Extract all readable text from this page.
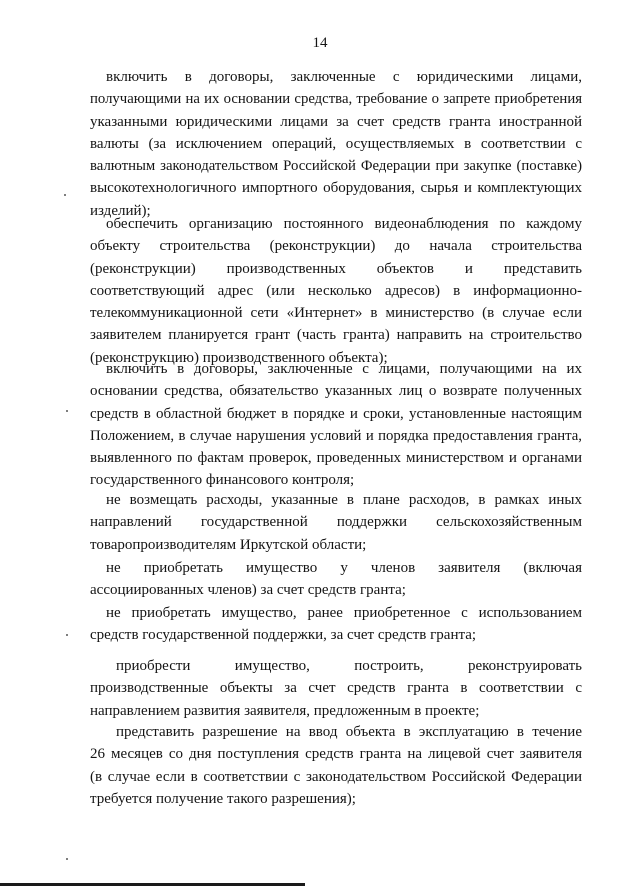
14
включить в договоры, заключенные с юридическими лицами,
получающими на их основании средства, требование о запрете приобретения
указанными юридическими лицами за счет средств гранта иностранной
валюты (за исключением операций, осуществляемых в соответствии с
валютным законодательством Российской Федерации при закупке (поставке)
высокотехнологичного импортного оборудования, сырья и комплектующих
изделий);
обеспечить организацию постоянного видеонаблюдения по каждому
объекту строительства (реконструкции) до начала строительства
(реконструкции) производственных объектов и представить
соответствующий адрес (или несколько адресов) в информационно-
телекоммуникационной сети «Интернет» в министерство (в случае если
заявителем планируется грант (часть гранта) направить на строительство
(реконструкцию) производственного объекта);
включить в договоры, заключенные с лицами, получающими на их
основании средства, обязательство указанных лиц о возврате полученных
средств в областной бюджет в порядке и сроки, установленные настоящим
Положением, в случае нарушения условий и порядка предоставления гранта,
выявленного по фактам проверок, проведенных министерством и органами
государственного финансового контроля;
не возмещать расходы, указанные в плане расходов, в рамках иных
направлений государственной поддержки сельскохозяйственным
товаропроизводителям Иркутской области;
не приобретать имущество у членов заявителя (включая
ассоциированных членов) за счет средств гранта;
не приобретать имущество, ранее приобретенное с использованием
средств государственной поддержки, за счет средств гранта;
приобрести имущество, построить, реконструировать
производственные объекты за счет средств гранта в соответствии с
направлением развития заявителя, предложенным в проекте;
представить разрешение на ввод объекта в эксплуатацию в течение
26 месяцев со дня поступления средств гранта на лицевой счет заявителя
(в случае если в соответствии с законодательством Российской Федерации
требуется получение такого разрешения);
